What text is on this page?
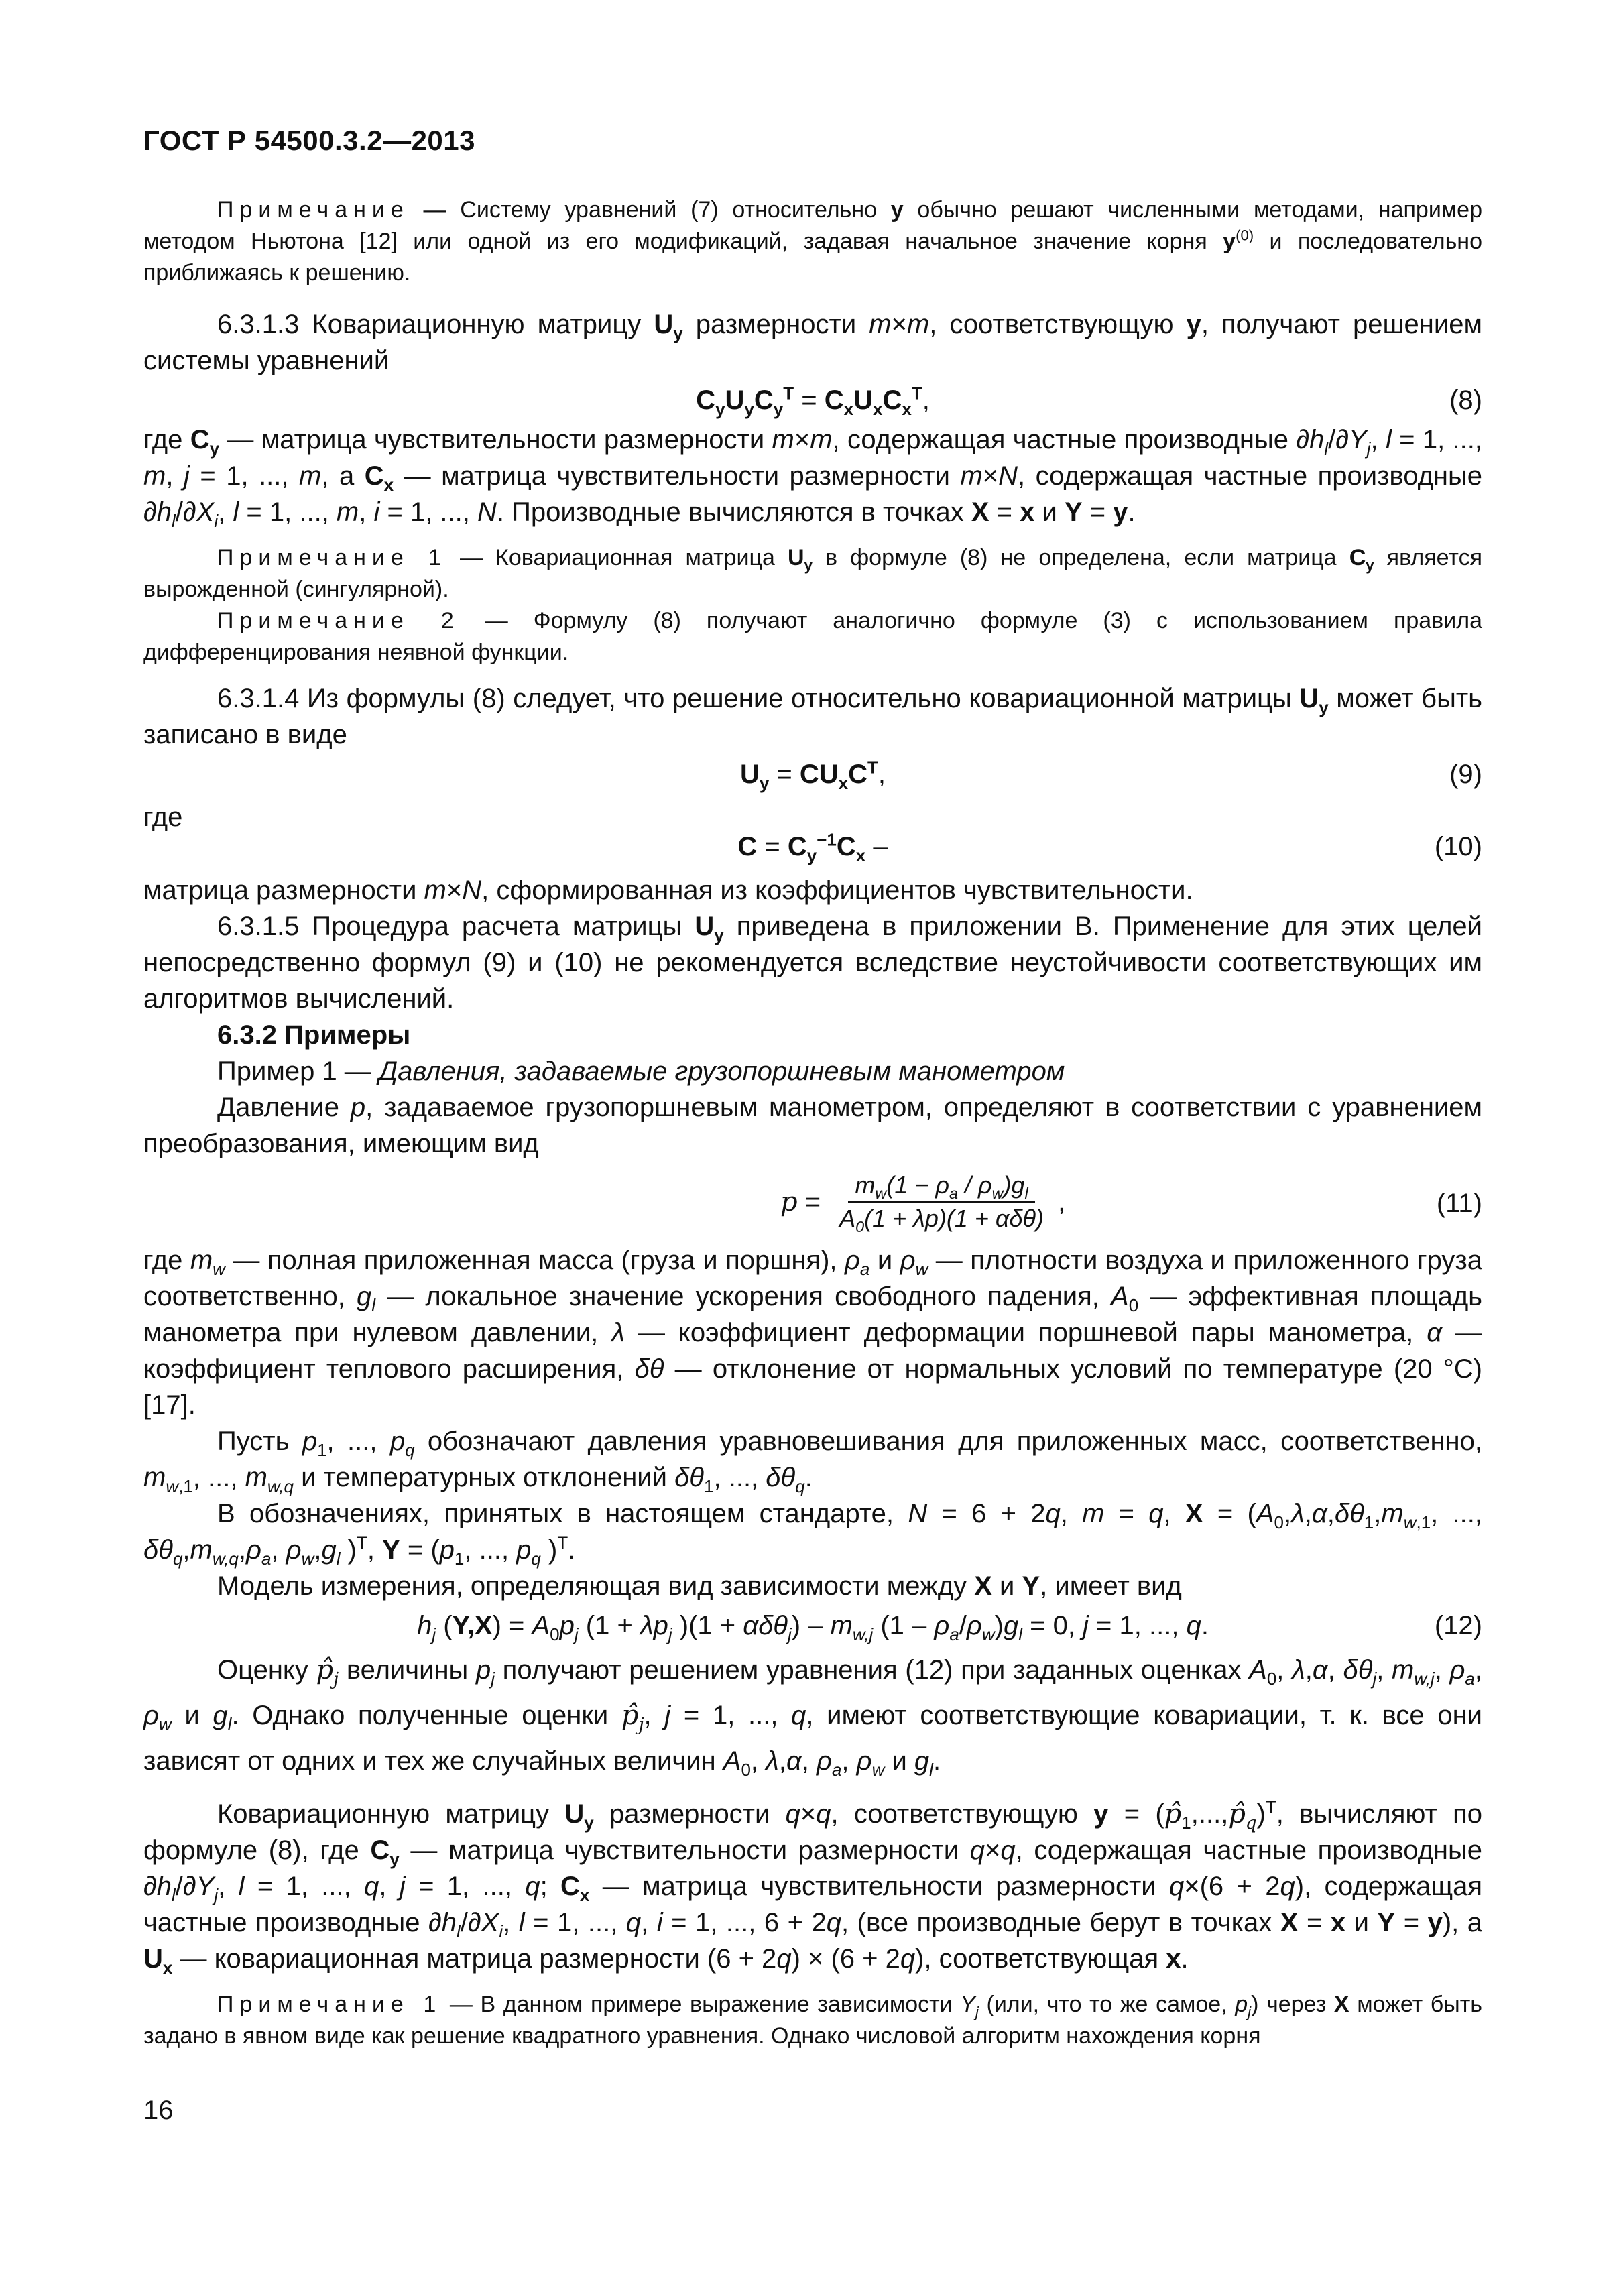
ГОСТ Р 54500.3.2—2013

Примечание — Систему уравнений (7) относительно y обычно решают численными методами, например методом Ньютона [12] или одной из его модификаций, задавая начальное значение корня $y^{(0)}$ и последовательно приближаясь к решению.

6.3.1.3 Ковариационную матрицу $U_y$ размерности m×m, соответствующую y, получают решением системы уравнений

$C_yU_yC_y^T = C_xU_xC_x^T$,	(8)

где $C_y$ — матрица чувствительности размерности m×m, содержащая частные производные $\partial h_l/\partial Y_j$, l = 1, ..., m, j = 1, ..., m, а $C_x$ — матрица чувствительности размерности m×N, содержащая частные производные $\partial h_l/\partial X_i$, l = 1, ..., m, i = 1, ..., N. Производные вычисляются в точках X = x и Y = y.

Примечание 1 — Ковариационная матрица $U_y$ в формуле (8) не определена, если матрица $C_y$ является вырожденной (сингулярной).

Примечание 2 — Формулу (8) получают аналогично формуле (3) с использованием правила дифференцирования неявной функции.

6.3.1.4 Из формулы (8) следует, что решение относительно ковариационной матрицы $U_y$ может быть записано в виде

$U_y = CU_xC^T$,	(9)
где
$C = C_y^{-1}C_x$ –	(10)

матрица размерности m×N, сформированная из коэффициентов чувствительности.

6.3.1.5 Процедура расчета матрицы $U_y$ приведена в приложении В. Применение для этих целей непосредственно формул (9) и (10) не рекомендуется вследствие неустойчивости соответствующих им алгоритмов вычислений.

6.3.2 Примеры

Пример 1 — Давления, задаваемые грузопоршневым манометром

Давление p, задаваемое грузопоршневым манометром, определяют в соответствии с уравнением преобразования, имеющим вид

$p = \frac{m_w(1 - \rho_a / \rho_w)g_l}{A_0(1 + \lambda p)(1 + \alpha\delta\theta)}$ ,	(11)

где $m_w$ — полная приложенная масса (груза и поршня), $\rho_a$ и $\rho_w$ — плотности воздуха и приложенного груза соответственно, $g_l$ — локальное значение ускорения свободного падения, $A_0$ — эффективная площадь манометра при нулевом давлении, λ — коэффициент деформации поршневой пары манометра, α — коэффициент теплового расширения, δθ — отклонение от нормальных условий по температуре (20 °С) [17].

Пусть $p_1$, ..., $p_q$ обозначают давления уравновешивания для приложенных масс, соответственно, $m_{w,1}$, ..., $m_{w,q}$ и температурных отклонений $\delta\theta_1$, ..., $\delta\theta_q$.

В обозначениях, принятых в настоящем стандарте, N = 6 + 2q, m = q, $X = (A_0,\lambda,\alpha,\delta\theta_1,m_{w,1}$, ..., $\delta\theta_q,m_{w,q},\rho_a$, $\rho_w,g_l$ )$^T$, $Y = (p_1$, ..., $p_q$ )$^T$.

Модель измерения, определяющая вид зависимости между X и Y, имеет вид

$h_j$ $(Y,X) = A_0p_j$ ($1 + \lambda p_j$ )$(1 + \alpha\delta\theta_j) - m_{w,j}$ $(1 - \rho_a/\rho_w)g_l = 0$, j = 1, ..., q.	(12)

Оценку $p̂_j$ величины $p_j$ получают решением уравнения (12) при заданных оценках $A_0$, λ,α, $\delta\theta_j$, $m_{w,j}$, $\rho_a$, $\rho_w$ и $g_l$. Однако полученные оценки $p̂_j$, j = 1, ..., q, имеют соответствующие ковариации, т. к. все они зависят от одних и тех же случайных величин $A_0$, λ,α, $\rho_a$, $\rho_w$ и $g_l$.

Ковариационную матрицу $U_y$ размерности q×q, соответствующую $y = (p̂_1,...,p̂_q)^T$, вычисляют по формуле (8), где $C_y$ — матрица чувствительности размерности q×q, содержащая частные производные $\partial h_l/\partial Y_j$, l = 1, ..., q, j = 1, ..., q; $C_x$ — матрица чувствительности размерности q×(6 + 2q), содержащая частные производные $\partial h_l/\partial X_i$, l = 1, ..., q, i = 1, ..., 6 + 2q, (все производные берут в точках X = x и Y = y), а $U_x$ — ковариационная матрица размерности (6 + 2q) × (6 + 2q), соответствующая x.

Примечание 1 — В данном примере выражение зависимости $Y_j$ (или, что то же самое, $p_j$) через X может быть задано в явном виде как решение квадратного уравнения. Однако числовой алгоритм нахождения корня

16
